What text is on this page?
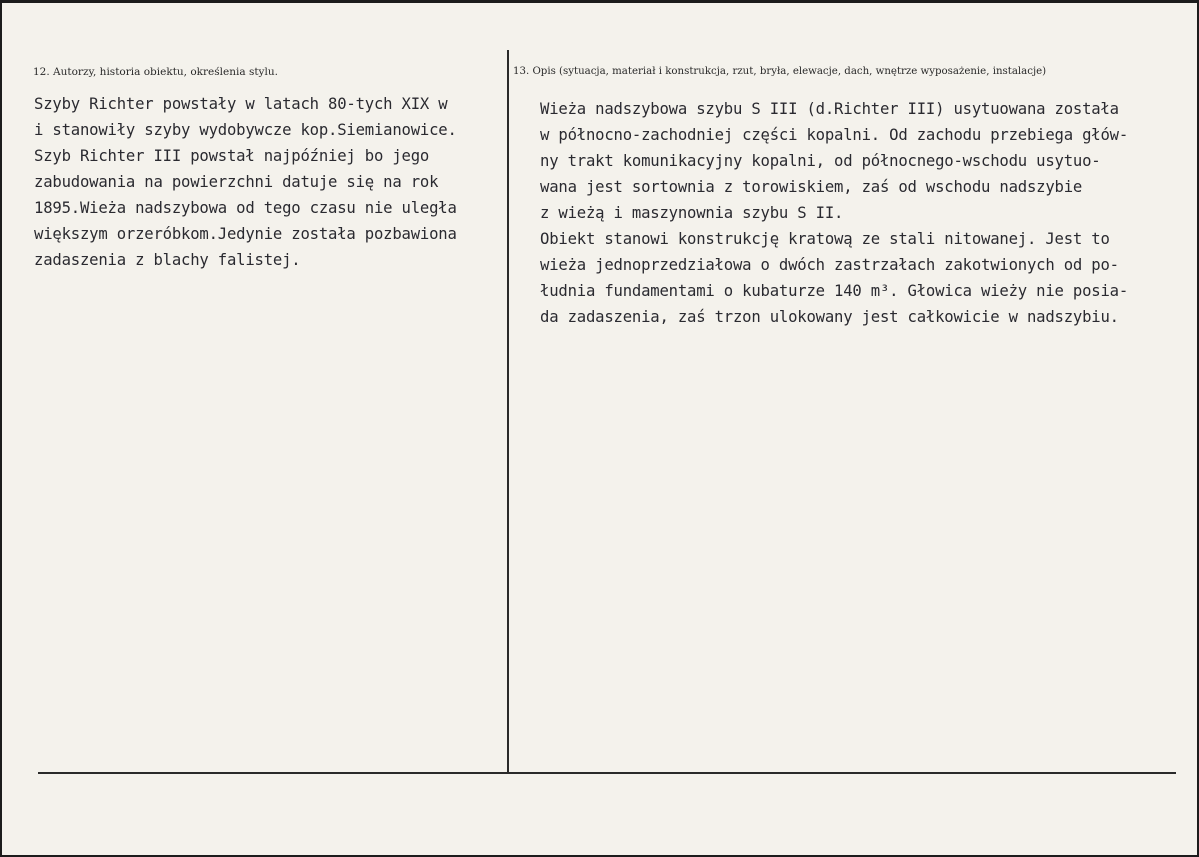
12. Autorzy, historia obiektu, określenia stylu.	13. Opis (sytuacja, materiał i konstrukcja, rzut, bryła, elewacje, dach, wnętrze wyposażenie, instalacje)
Szyby Richter powstały w latach 80-tych XIX w
i stanowiły szyby wydobywcze kop.Siemianowice.
Szyb Richter III powstał najpóźniej bo jego
zabudowania na powierzchni datuje się na rok
1895.Wieża nadszybowa od tego czasu nie uległa
większym orzeróbkom.Jedynie została pozbawiona
zadaszenia z blachy falistej.
Wieża nadszybowa szybu S III (d.Richter III) usytuowana została
w północno-zachodniej części kopalni. Od zachodu przebiega głów-
ny trakt komunikacyjny kopalni, od północnego-wschodu usytuo-
wana jest sortownia z torowiskiem, zaś od wschodu nadszybie
z wieżą i maszynownia szybu S II.
Obiekt stanowi konstrukcję kratową ze stali nitowanej. Jest to
wieża jednoprzedziałowa o dwóch zastrzałach zakotwionych od po-
łudnia fundamentami o kubaturze 140 m³. Głowica wieży nie posia-
da zadaszenia, zaś trzon ulokowany jest całkowicie w nadszybiu.
